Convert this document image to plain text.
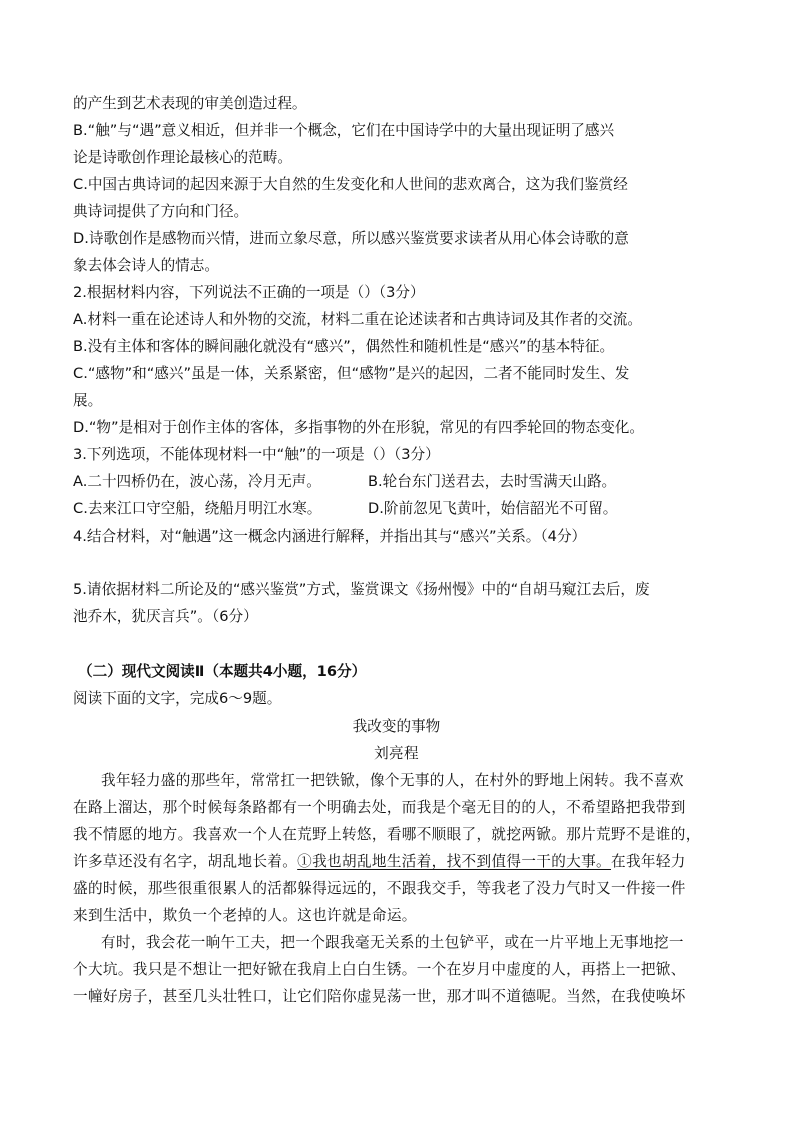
的产生到艺术表现的审美创造过程。
B.“触”与“遇”意义相近，但并非一个概念，它们在中国诗学中的大量出现证明了感兴
论是诗歌创作理论最核心的范畴。
C.中国古典诗词的起因来源于大自然的生发变化和人世间的悲欢离合，这为我们鉴赏经
典诗词提供了方向和门径。
D.诗歌创作是感物而兴情，进而立象尽意，所以感兴鉴赏要求读者从用心体会诗歌的意
象去体会诗人的情志。
2.根据材料内容，下列说法不正确的一项是（）（3分）
A.材料一重在论述诗人和外物的交流，材料二重在论述读者和古典诗词及其作者的交流。
B.没有主体和客体的瞬间融化就没有“感兴”，偶然性和随机性是“感兴”的基本特征。
C.“感物”和“感兴”虽是一体，关系紧密，但“感物”是兴的起因，二者不能同时发生、发
展。
D.“物”是相对于创作主体的客体，多指事物的外在形貌，常见的有四季轮回的物态变化。
3.下列选项，不能体现材料一中“触”的一项是（）（3分）
A.二十四桥仍在，波心荡，冷月无声。	B.轮台东门送君去，去时雪满天山路。
C.去来江口守空船，绕船月明江水寒。	D.阶前忽见飞黄叶，始信韶光不可留。
4.结合材料，对“触遇”这一概念内涵进行解释，并指出其与“感兴”关系。（4分）
5.请依据材料二所论及的“感兴鉴赏”方式，鉴赏课文《扬州慢》中的“自胡马窥江去后，废
池乔木，犹厌言兵”。（6分）
（二）现代文阅读Ⅱ（本题共4小题，16分）
阅读下面的文字，完成6～9题。
我改变的事物
刘亮程
我年轻力盛的那些年，常常扛一把铁锨，像个无事的人，在村外的野地上闲转。我不喜欢
在路上溜达，那个时候每条路都有一个明确去处，而我是个毫无目的的人，不希望路把我带到
我不情愿的地方。我喜欢一个人在荒野上转悠，看哪不顺眼了，就挖两锨。那片荒野不是谁的，
许多草还没有名字，胡乱地长着。①我也胡乱地生活着，找不到值得一干的大事。在我年轻力
盛的时候，那些很重很累人的活都躲得远远的，不跟我交手，等我老了没力气时又一件接一件
来到生活中，欺负一个老掉的人。这也许就是命运。
有时，我会花一晌午工夫，把一个跟我毫无关系的土包铲平，或在一片平地上无事地挖一
个大坑。我只是不想让一把好锨在我肩上白白生锈。一个在岁月中虚度的人，再搭上一把锨、
一幢好房子，甚至几头壮牲口，让它们陪你虚晃荡一世，那才叫不道德呢。当然，在我使唤坏
